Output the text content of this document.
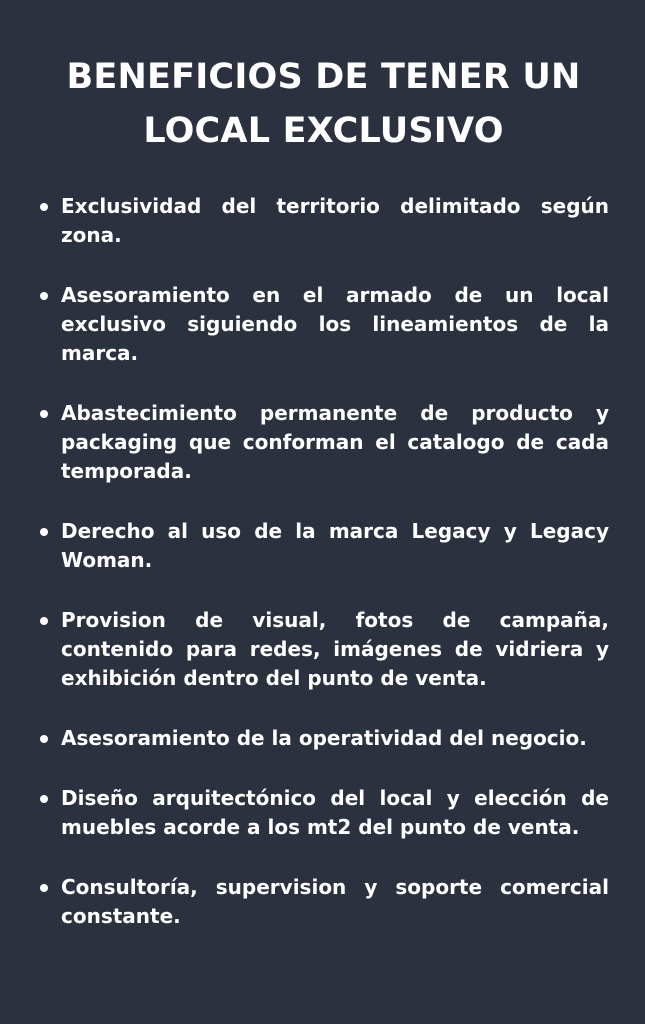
BENEFICIOS DE TENER UN LOCAL EXCLUSIVO
Exclusividad del territorio delimitado según zona.
Asesoramiento en el armado de un local exclusivo siguiendo los lineamientos de la marca.
Abastecimiento permanente de producto y packaging que conforman el catalogo de cada temporada.
Derecho al uso de la marca Legacy y Legacy Woman.
Provision de visual, fotos de campaña, contenido para redes, imágenes de vidriera y exhibición dentro del punto de venta.
Asesoramiento de la operatividad del negocio.
Diseño arquitectónico del local y elección de muebles acorde a los mt2 del punto de venta.
Consultoría, supervision y soporte comercial constante.
